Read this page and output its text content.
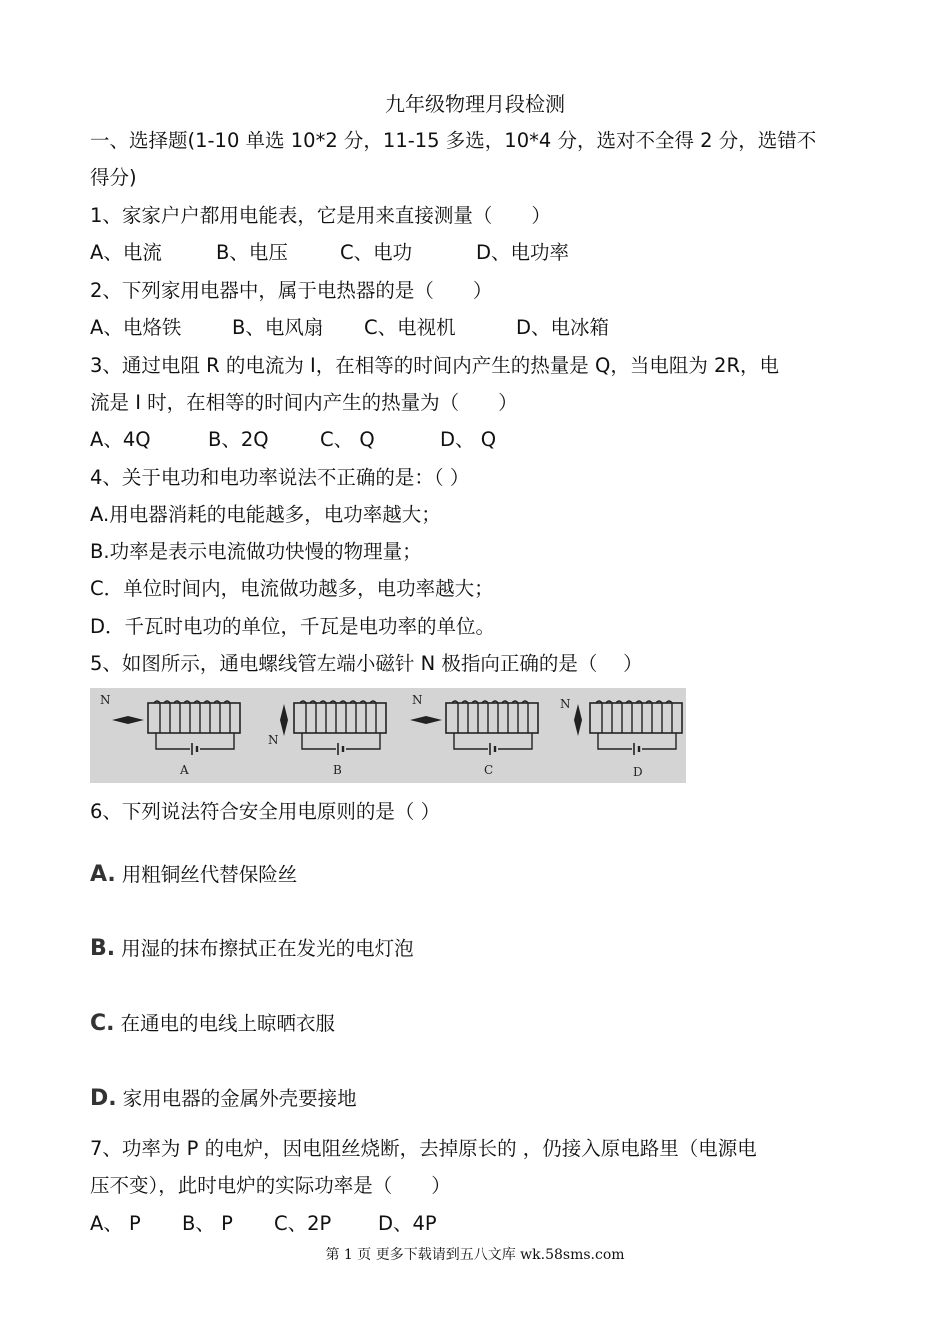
九年级物理月段检测
一、选择题(1-10 单选 10*2 分，11-15 多选，10*4 分，选对不全得 2 分，选错不
得分)
1、家家户户都用电能表，它是用来直接测量（　　）
A、电流	B、电压	C、电功	D、电功率
2、下列家用电器中，属于电热器的是（　　）
A、电烙铁	B、电风扇 C、电视机	D、电冰箱
3、通过电阻 R 的电流为 I，在相等的时间内产生的热量是 Q，当电阻为 2R，电
流是 I 时，在相等的时间内产生的热量为（　　）
A、4Q	B、2Q	C、 Q	D、 Q
4、关于电功和电功率说法不正确的是：（ ）
A.用电器消耗的电能越多，电功率越大；
B.功率是表示电流做功快慢的物理量；
C．单位时间内，电流做功越多，电功率越大；
D．千瓦时电功的单位，千瓦是电功率的单位。
5、如图所示，通电螺线管左端小磁针 N 极指向正确的是（　 ）
N
A
N
B
N
C
N
D
6、下列说法符合安全用电原则的是（ ）
A. 用粗铜丝代替保险丝
B. 用湿的抹布擦拭正在发光的电灯泡
C. 在通电的电线上晾晒衣服
D. 家用电器的金属外壳要接地
7、功率为 P 的电炉，因电阻丝烧断，去掉原长的 ，仍接入原电路里（电源电
压不变），此时电炉的实际功率是（　　）
A、 P B、 P C、2P D、4P
第 1 页 更多下载请到五八文库 wk.58sms.com
